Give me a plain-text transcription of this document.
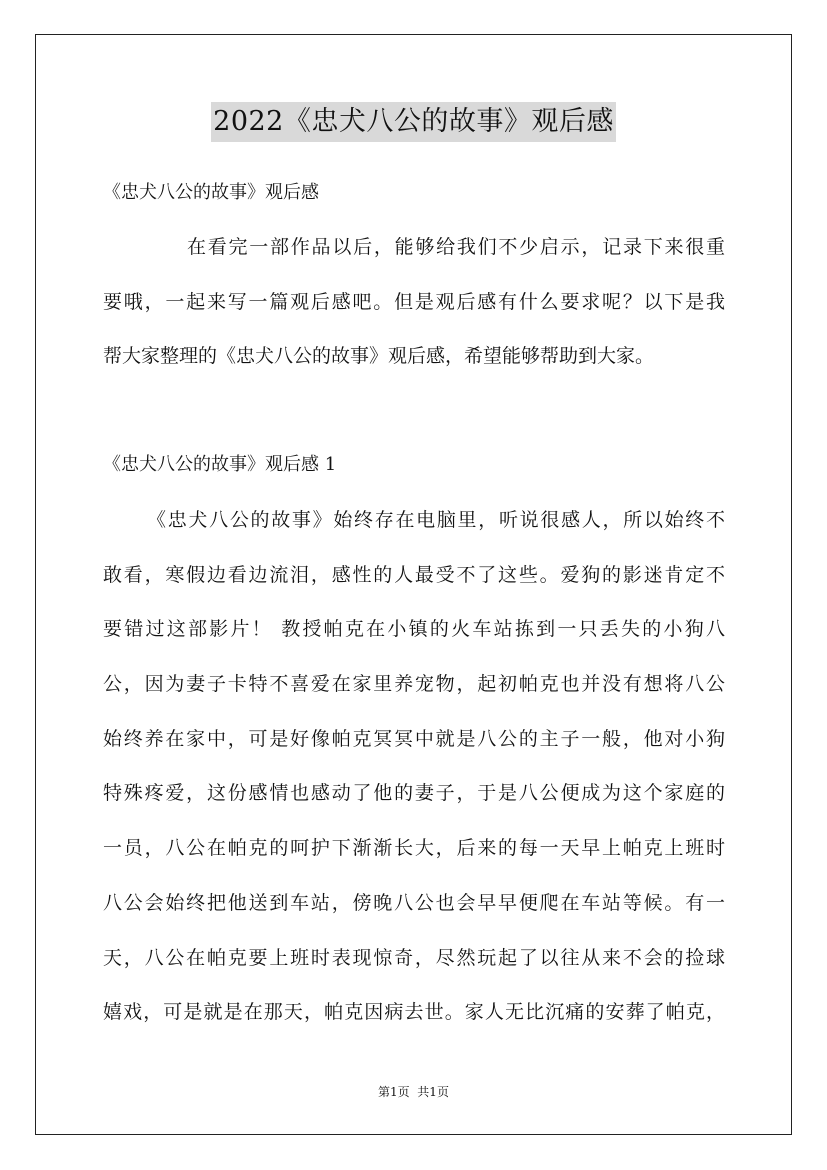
2022《忠犬八公的故事》观后感

《忠犬八公的故事》观后感

在看完一部作品以后，能够给我们不少启示，记录下来很重
要哦，一起来写一篇观后感吧。但是观后感有什么要求呢？以下是我
帮大家整理的《忠犬八公的故事》观后感，希望能够帮助到大家。

《忠犬八公的故事》观后感 1

《忠犬八公的故事》始终存在电脑里，听说很感人，所以始终不
敢看，寒假边看边流泪，感性的人最受不了这些。爱狗的影迷肯定不
要错过这部影片！ 教授帕克在小镇的火车站拣到一只丢失的小狗八
公，因为妻子卡特不喜爱在家里养宠物，起初帕克也并没有想将八公
始终养在家中，可是好像帕克冥冥中就是八公的主子一般，他对小狗
特殊疼爱，这份感情也感动了他的妻子，于是八公便成为这个家庭的
一员，八公在帕克的呵护下渐渐长大，后来的每一天早上帕克上班时
八公会始终把他送到车站，傍晚八公也会早早便爬在车站等候。有一
天，八公在帕克要上班时表现惊奇，尽然玩起了以往从来不会的捡球
嬉戏，可是就是在那天，帕克因病去世。家人无比沉痛的安葬了帕克，
第1页  共1页
